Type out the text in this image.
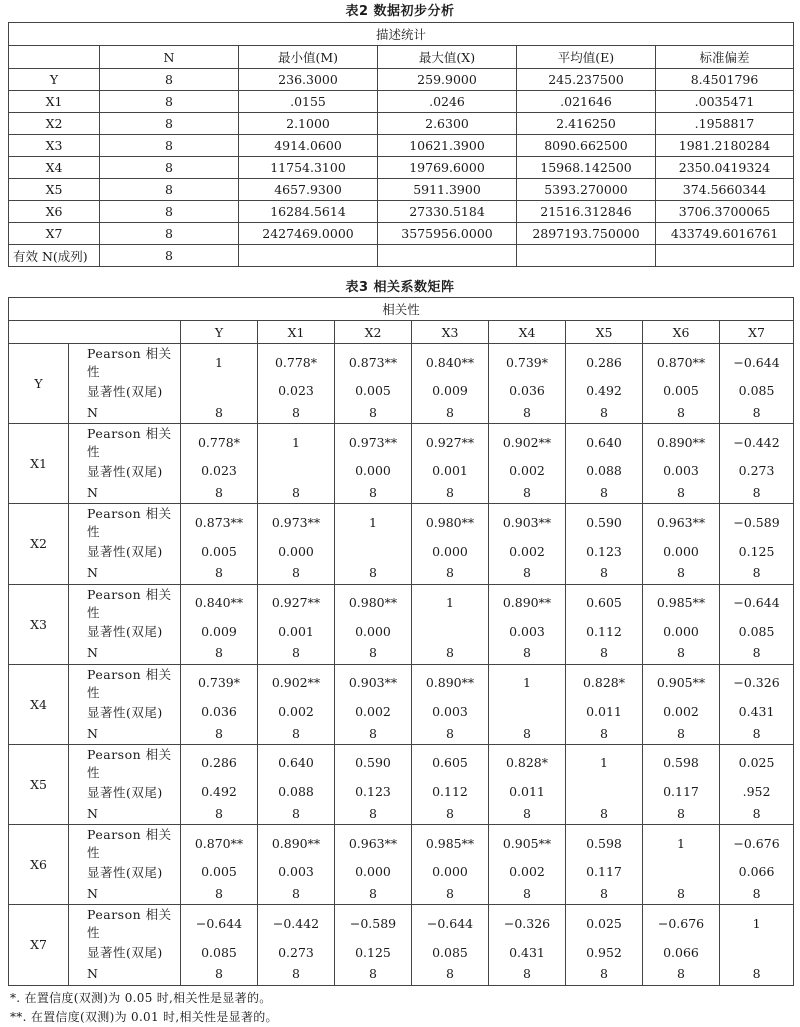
表2 数据初步分析
描述统计					
	N	最小值(M)	最大值(X)	平均值(E)	标准偏差
Y	8	236.3000	259.9000	245.237500	8.4501796
X1	8	.0155	.0246	.021646	.0035471
X2	8	2.1000	2.6300	2.416250	.1958817
X3	8	4914.0600	10621.3900	8090.662500	1981.2180284
X4	8	11754.3100	19769.6000	15968.142500	2350.0419324
X5	8	4657.9300	5911.3900	5393.270000	374.5660344
X6	8	16284.5614	27330.5184	21516.312846	3706.3700065
X7	8	2427469.0000	3575956.0000	2897193.750000	433749.6016761
有效 N(成列)	8				
表3 相关系数矩阵
相关性									
		Y	X1	X2	X3	X4	X5	X6	X7
Y	Pearson 相关性	1	0.778*	0.873**	0.840**	0.739*	0.286	0.870**	−0.644
	显著性(双尾)		0.023	0.005	0.009	0.036	0.492	0.005	0.085
	N	8	8	8	8	8	8	8	8
X1	Pearson 相关性	0.778*	1	0.973**	0.927**	0.902**	0.640	0.890**	−0.442
	显著性(双尾)	0.023		0.000	0.001	0.002	0.088	0.003	0.273
	N	8	8	8	8	8	8	8	8
X2	Pearson 相关性	0.873**	0.973**	1	0.980**	0.903**	0.590	0.963**	−0.589
	显著性(双尾)	0.005	0.000		0.000	0.002	0.123	0.000	0.125
	N	8	8	8	8	8	8	8	8
X3	Pearson 相关性	0.840**	0.927**	0.980**	1	0.890**	0.605	0.985**	−0.644
	显著性(双尾)	0.009	0.001	0.000		0.003	0.112	0.000	0.085
	N	8	8	8	8	8	8	8	8
X4	Pearson 相关性	0.739*	0.902**	0.903**	0.890**	1	0.828*	0.905**	−0.326
	显著性(双尾)	0.036	0.002	0.002	0.003		0.011	0.002	0.431
	N	8	8	8	8	8	8	8	8
X5	Pearson 相关性	0.286	0.640	0.590	0.605	0.828*	1	0.598	0.025
	显著性(双尾)	0.492	0.088	0.123	0.112	0.011		0.117	.952
	N	8	8	8	8	8	8	8	8
X6	Pearson 相关性	0.870**	0.890**	0.963**	0.985**	0.905**	0.598	1	−0.676
	显著性(双尾)	0.005	0.003	0.000	0.000	0.002	0.117		0.066
	N	8	8	8	8	8	8	8	8
X7	Pearson 相关性	−0.644	−0.442	−0.589	−0.644	−0.326	0.025	−0.676	1
	显著性(双尾)	0.085	0.273	0.125	0.085	0.431	0.952	0.066	
	N	8	8	8	8	8	8	8	8
*. 在置信度(双测)为 0.05 时,相关性是显著的。
**. 在置信度(双测)为 0.01 时,相关性是显著的。
